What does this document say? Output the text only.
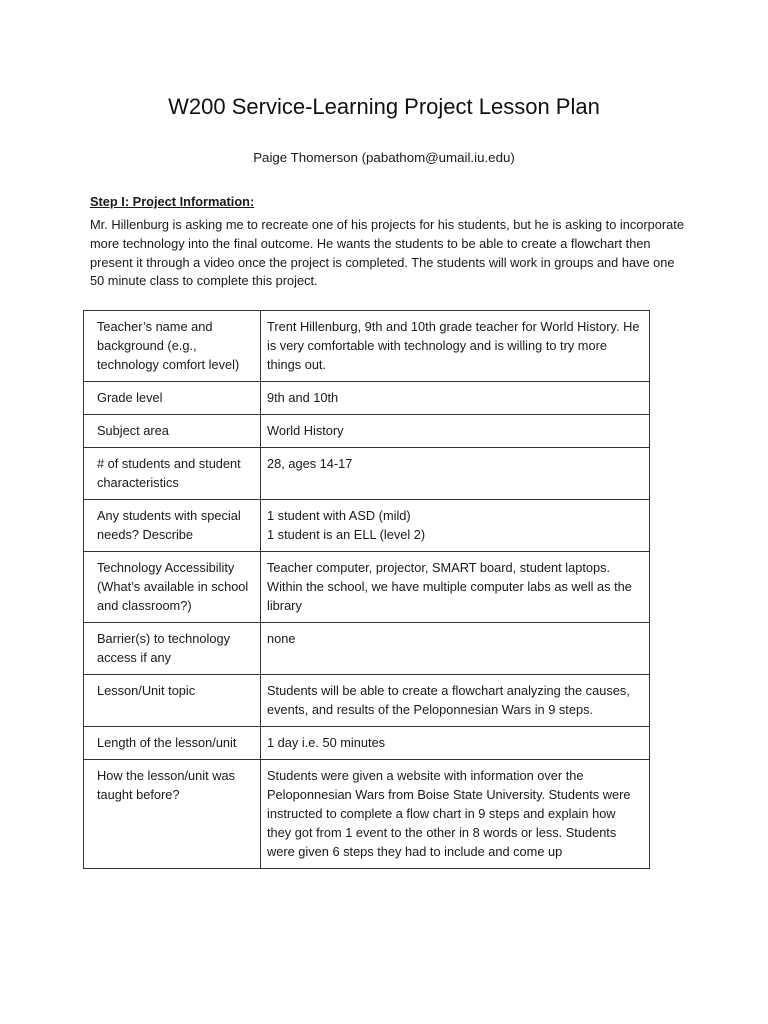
W200 Service-Learning Project Lesson Plan
Paige Thomerson (pabathom@umail.iu.edu)
Step I: Project Information:

Mr. Hillenburg is asking me to recreate one of his projects for his students, but he is asking to incorporate more technology into the final outcome. He wants the students to be able to create a flowchart then present it through a video once the project is completed. The students will work in groups and have one 50 minute class to complete this project.

Teacher’s name and background (e.g., technology comfort level)	Trent Hillenburg, 9th and 10th grade teacher for World History. He is very comfortable with technology and is willing to try more things out.

Grade level	9th and 10th

Subject area	World History

# of students and student characteristics	28, ages 14-17

Any students with special needs? Describe	1 student with ASD (mild)
1 student is an ELL (level 2)

Technology Accessibility (What’s available in school and classroom?)	Teacher computer, projector, SMART board, student laptops. Within the school, we have multiple computer labs as well as the library

Barrier(s) to technology access if any	none

Lesson/Unit topic	Students will be able to create a flowchart analyzing the causes, events, and results of the Peloponnesian Wars in 9 steps.

Length of the lesson/unit	1 day i.e. 50 minutes

How the lesson/unit was taught before?	Students were given a website with information over the Peloponnesian Wars from Boise State University. Students were instructed to complete a flow chart in 9 steps and explain how they got from 1 event to the other in 8 words or less. Students were given 6 steps they had to include and come up
